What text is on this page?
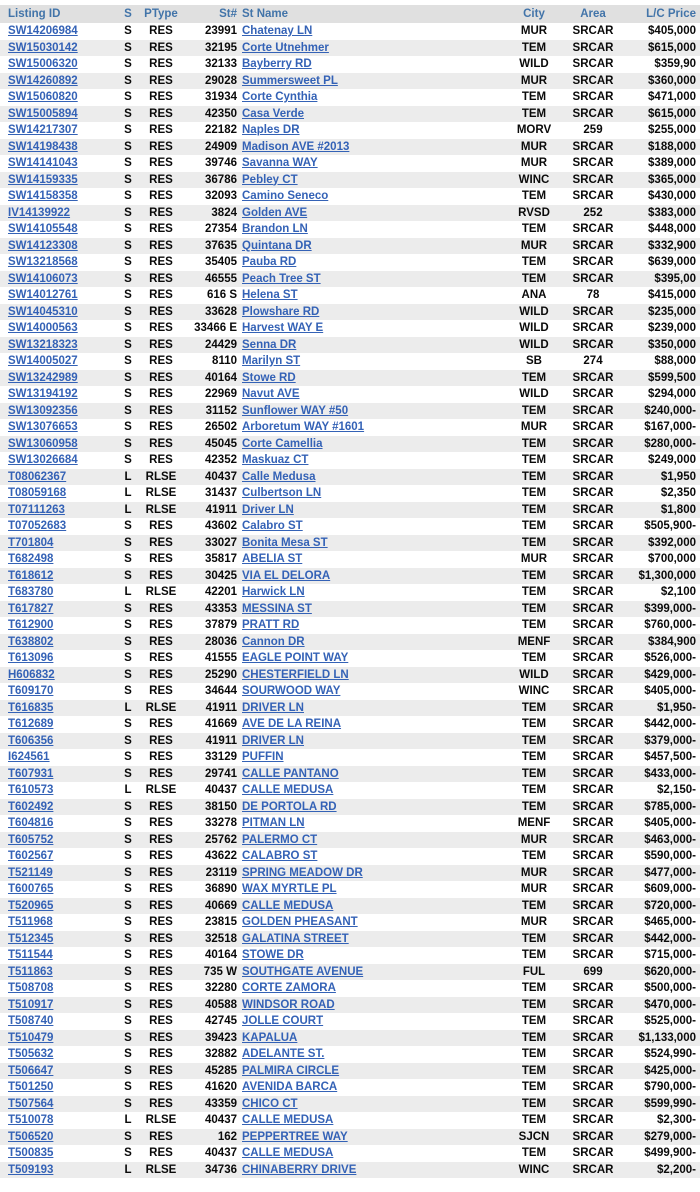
Listing ID	S	PType	St#	St Name	City	Area	L/C Price
SW14206984	S	RES	23991	Chatenay LN	MUR	SRCAR	$405,000
SW15030142	S	RES	32195	Corte Utnehmer	TEM	SRCAR	$615,000
SW15006320	S	RES	32133	Bayberry RD	WILD	SRCAR	$359,90
SW14260892	S	RES	29028	Summersweet PL	MUR	SRCAR	$360,000
SW15060820	S	RES	31934	Corte Cynthia	TEM	SRCAR	$471,000
SW15005894	S	RES	42350	Casa Verde	TEM	SRCAR	$615,000
SW14217307	S	RES	22182	Naples DR	MORV	259	$255,000
SW14198438	S	RES	24909	Madison AVE #2013	MUR	SRCAR	$188,000
SW14141043	S	RES	39746	Savanna WAY	MUR	SRCAR	$389,000
SW14159335	S	RES	36786	Pebley CT	WINC	SRCAR	$365,000
SW14158358	S	RES	32093	Camino Seneco	TEM	SRCAR	$430,000
IV14139922	S	RES	3824	Golden AVE	RVSD	252	$383,000
SW14105548	S	RES	27354	Brandon LN	TEM	SRCAR	$448,000
SW14123308	S	RES	37635	Quintana DR	MUR	SRCAR	$332,900
SW13218568	S	RES	35405	Pauba RD	TEM	SRCAR	$639,000
SW14106073	S	RES	46555	Peach Tree ST	TEM	SRCAR	$395,00
SW14012761	S	RES	616 S	Helena ST	ANA	78	$415,000
SW14045310	S	RES	33628	Plowshare RD	WILD	SRCAR	$235,000
SW14000563	S	RES	33466 E	Harvest WAY E	WILD	SRCAR	$239,000
SW13218323	S	RES	24429	Senna DR	WILD	SRCAR	$350,000
SW14005027	S	RES	8110	Marilyn ST	SB	274	$88,000
SW13242989	S	RES	40164	Stowe RD	TEM	SRCAR	$599,500
SW13194192	S	RES	22969	Navut AVE	WILD	SRCAR	$294,000
SW13092356	S	RES	31152	Sunflower WAY #50	TEM	SRCAR	$240,000-
SW13076653	S	RES	26502	Arboretum WAY #1601	MUR	SRCAR	$167,000-
SW13060958	S	RES	45045	Corte Camellia	TEM	SRCAR	$280,000-
SW13026684	S	RES	42352	Maskuaz CT	TEM	SRCAR	$249,000
T08062367	L	RLSE	40437	Calle Medusa	TEM	SRCAR	$1,950
T08059168	L	RLSE	31437	Culbertson LN	TEM	SRCAR	$2,350
T07111263	L	RLSE	41911	Driver LN	TEM	SRCAR	$1,800
T07052683	S	RES	43602	Calabro ST	TEM	SRCAR	$505,900-
T701804	S	RES	33027	Bonita Mesa ST	TEM	SRCAR	$392,000
T682498	S	RES	35817	ABELIA ST	MUR	SRCAR	$700,000
T618612	S	RES	30425	VIA EL DELORA	TEM	SRCAR	$1,300,000
T683780	L	RLSE	42201	Harwick LN	TEM	SRCAR	$2,100
T617827	S	RES	43353	MESSINA ST	TEM	SRCAR	$399,000-
T612900	S	RES	37879	PRATT RD	TEM	SRCAR	$760,000-
T638802	S	RES	28036	Cannon DR	MENF	SRCAR	$384,900
T613096	S	RES	41555	EAGLE POINT WAY	TEM	SRCAR	$526,000-
H606832	S	RES	25290	CHESTERFIELD LN	WILD	SRCAR	$429,000-
T609170	S	RES	34644	SOURWOOD WAY	WINC	SRCAR	$405,000-
T616835	L	RLSE	41911	DRIVER LN	TEM	SRCAR	$1,950-
T612689	S	RES	41669	AVE DE LA REINA	TEM	SRCAR	$442,000-
T606356	S	RES	41911	DRIVER LN	TEM	SRCAR	$379,000-
I624561	S	RES	33129	PUFFIN	TEM	SRCAR	$457,500-
T607931	S	RES	29741	CALLE PANTANO	TEM	SRCAR	$433,000-
T610573	L	RLSE	40437	CALLE MEDUSA	TEM	SRCAR	$2,150-
T602492	S	RES	38150	DE PORTOLA RD	TEM	SRCAR	$785,000-
T604816	S	RES	33278	PITMAN LN	MENF	SRCAR	$405,000-
T605752	S	RES	25762	PALERMO CT	MUR	SRCAR	$463,000-
T602567	S	RES	43622	CALABRO ST	TEM	SRCAR	$590,000-
T521149	S	RES	23119	SPRING MEADOW DR	MUR	SRCAR	$477,000-
T600765	S	RES	36890	WAX MYRTLE PL	MUR	SRCAR	$609,000-
T520965	S	RES	40669	CALLE MEDUSA	TEM	SRCAR	$720,000-
T511968	S	RES	23815	GOLDEN PHEASANT	MUR	SRCAR	$465,000-
T512345	S	RES	32518	GALATINA STREET	TEM	SRCAR	$442,000-
T511544	S	RES	40164	STOWE DR	TEM	SRCAR	$715,000-
T511863	S	RES	735 W	SOUTHGATE AVENUE	FUL	699	$620,000-
T508708	S	RES	32280	CORTE ZAMORA	TEM	SRCAR	$500,000-
T510917	S	RES	40588	WINDSOR ROAD	TEM	SRCAR	$470,000-
T508740	S	RES	42745	JOLLE COURT	TEM	SRCAR	$525,000-
T510479	S	RES	39423	KAPALUA	TEM	SRCAR	$1,133,000
T505632	S	RES	32882	ADELANTE ST.	TEM	SRCAR	$524,990-
T506647	S	RES	45285	PALMIRA CIRCLE	TEM	SRCAR	$425,000-
T501250	S	RES	41620	AVENIDA BARCA	TEM	SRCAR	$790,000-
T507564	S	RES	43359	CHICO CT	TEM	SRCAR	$599,990-
T510078	L	RLSE	40437	CALLE MEDUSA	TEM	SRCAR	$2,300-
T506520	S	RES	162	PEPPERTREE WAY	SJCN	SRCAR	$279,000-
T500835	S	RES	40437	CALLE MEDUSA	TEM	SRCAR	$499,900-
T509193	L	RLSE	34736	CHINABERRY DRIVE	WINC	SRCAR	$2,200-
